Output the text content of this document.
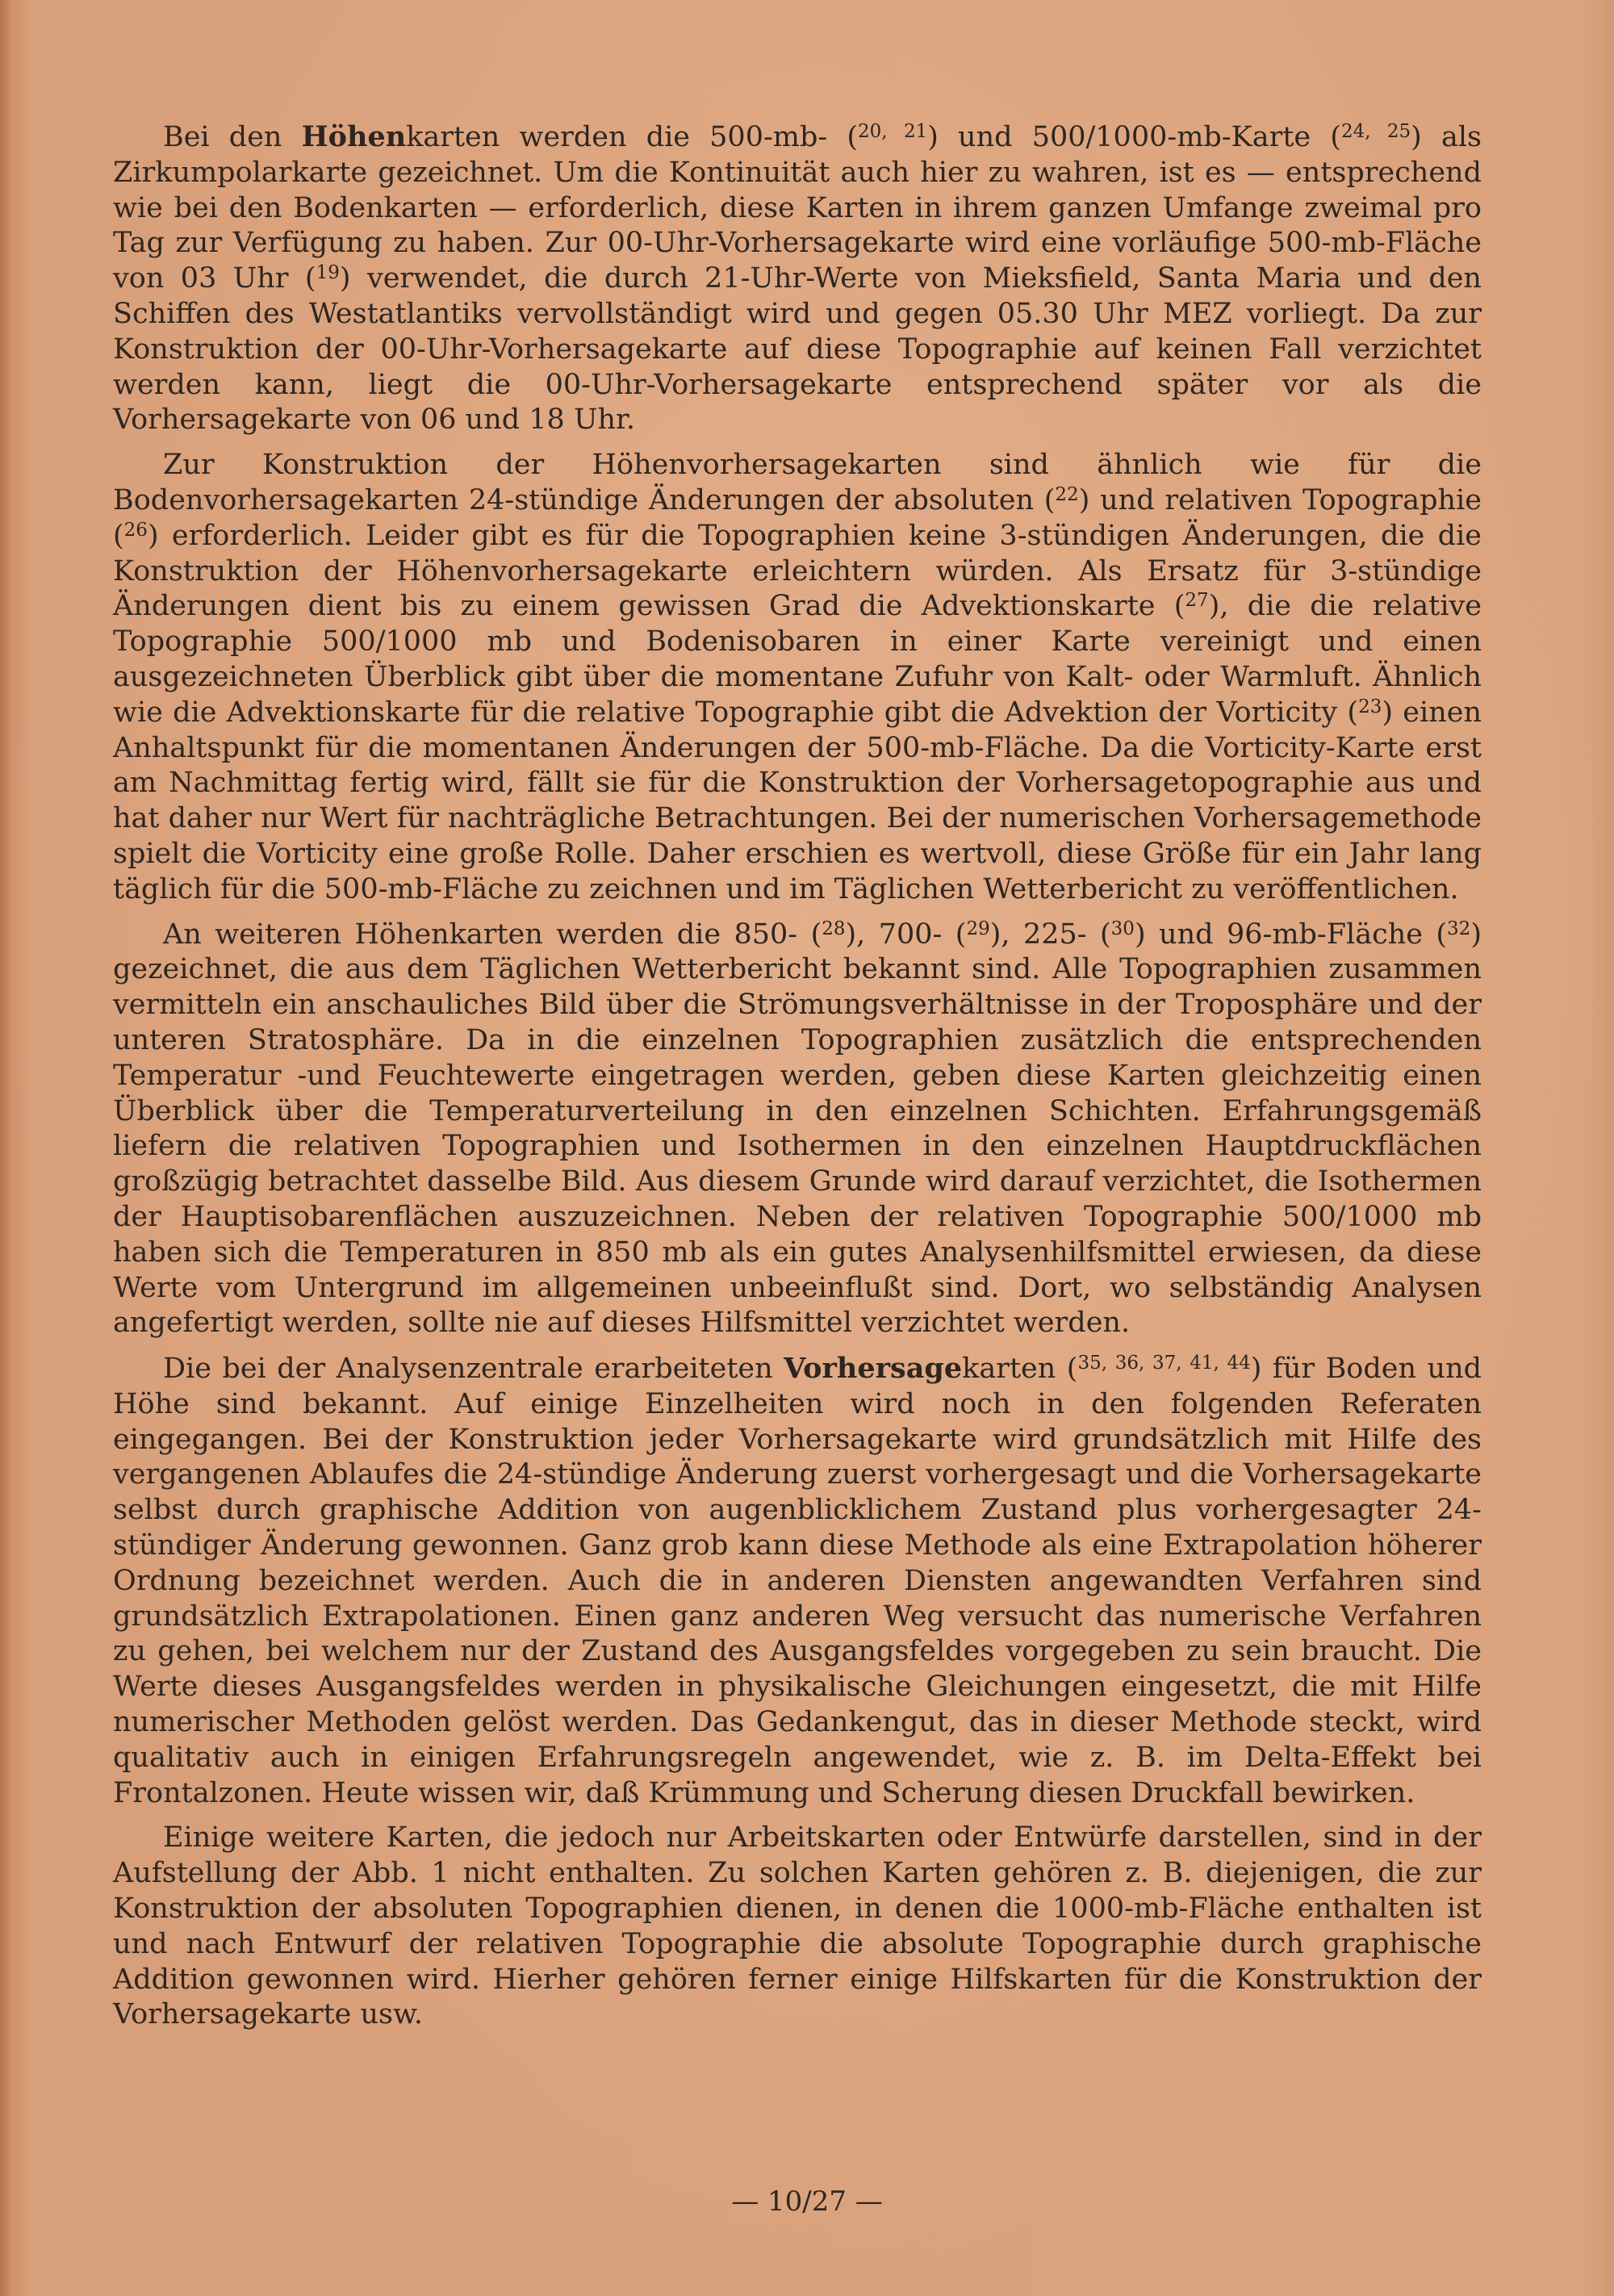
Bei den Höhenkarten werden die 500-mb- ($^{20, 21}$) und 500/1000-mb-Karte ($^{24, 25}$) als Zirkumpolarkarte gezeichnet. Um die Kontinuität auch hier zu wahren, ist es — entsprechend wie bei den Bodenkarten — erforderlich, diese Karten in ihrem ganzen Umfange zweimal pro Tag zur Verfügung zu haben. Zur 00-Uhr-Vorhersagekarte wird eine vorläufige 500-mb-Fläche von 03 Uhr ($^{19}$) verwendet, die durch 21-Uhr-Werte von Mieksfield, Santa Maria und den Schiffen des Westatlantiks vervollständigt wird und gegen 05.30 Uhr MEZ vorliegt. Da zur Konstruktion der 00-Uhr-Vorhersagekarte auf diese Topographie auf keinen Fall verzichtet werden kann, liegt die 00-Uhr-Vorhersagekarte entsprechend später vor als die Vorhersagekarte von 06 und 18 Uhr.

Zur Konstruktion der Höhenvorhersagekarten sind ähnlich wie für die Bodenvorhersagekarten 24-stündige Änderungen der absoluten ($^{22}$) und relativen Topographie ($^{26}$) erforderlich. Leider gibt es für die Topographien keine 3-stündigen Änderungen, die die Konstruktion der Höhenvorhersagekarte erleichtern würden. Als Ersatz für 3-stündige Änderungen dient bis zu einem gewissen Grad die Advektionskarte ($^{27}$), die die relative Topographie 500/1000 mb und Bodenisobaren in einer Karte vereinigt und einen ausgezeichneten Überblick gibt über die momentane Zufuhr von Kalt- oder Warmluft. Ähnlich wie die Advektionskarte für die relative Topographie gibt die Advektion der Vorticity ($^{23}$) einen Anhaltspunkt für die momentanen Änderungen der 500-mb-Fläche. Da die Vorticity-Karte erst am Nachmittag fertig wird, fällt sie für die Konstruktion der Vorhersagetopographie aus und hat daher nur Wert für nachträgliche Betrachtungen. Bei der numerischen Vorhersagemethode spielt die Vorticity eine große Rolle. Daher erschien es wertvoll, diese Größe für ein Jahr lang täglich für die 500-mb-Fläche zu zeichnen und im Täglichen Wetterbericht zu veröffentlichen.

An weiteren Höhenkarten werden die 850- ($^{28}$), 700- ($^{29}$), 225- ($^{30}$) und 96-mb-Fläche ($^{32}$) gezeichnet, die aus dem Täglichen Wetterbericht bekannt sind. Alle Topographien zusammen vermitteln ein anschauliches Bild über die Strömungsverhältnisse in der Troposphäre und der unteren Stratosphäre. Da in die einzelnen Topographien zusätzlich die entsprechenden Temperatur -und Feuchtewerte eingetragen werden, geben diese Karten gleichzeitig einen Überblick über die Temperaturverteilung in den einzelnen Schichten. Erfahrungsgemäß liefern die relativen Topographien und Isothermen in den einzelnen Hauptdruckflächen großzügig betrachtet dasselbe Bild. Aus diesem Grunde wird darauf verzichtet, die Isothermen der Hauptisobarenflächen auszuzeichnen. Neben der relativen Topographie 500/1000 mb haben sich die Temperaturen in 850 mb als ein gutes Analysenhilfsmittel erwiesen, da diese Werte vom Untergrund im allgemeinen unbeeinflußt sind. Dort, wo selbständig Analysen angefertigt werden, sollte nie auf dieses Hilfsmittel verzichtet werden.

Die bei der Analysenzentrale erarbeiteten Vorhersagekarten ($^{35, 36, 37, 41, 44}$) für Boden und Höhe sind bekannt. Auf einige Einzelheiten wird noch in den folgenden Referaten eingegangen. Bei der Konstruktion jeder Vorhersagekarte wird grundsätzlich mit Hilfe des vergangenen Ablaufes die 24-stündige Änderung zuerst vorhergesagt und die Vorhersagekarte selbst durch graphische Addition von augenblicklichem Zustand plus vorhergesagter 24-stündiger Änderung gewonnen. Ganz grob kann diese Methode als eine Extrapolation höherer Ordnung bezeichnet werden. Auch die in anderen Diensten angewandten Verfahren sind grundsätzlich Extrapolationen. Einen ganz anderen Weg versucht das numerische Verfahren zu gehen, bei welchem nur der Zustand des Ausgangsfeldes vorgegeben zu sein braucht. Die Werte dieses Ausgangsfeldes werden in physikalische Gleichungen eingesetzt, die mit Hilfe numerischer Methoden gelöst werden. Das Gedankengut, das in dieser Methode steckt, wird qualitativ auch in einigen Erfahrungsregeln angewendet, wie z. B. im Delta-Effekt bei Frontalzonen. Heute wissen wir, daß Krümmung und Scherung diesen Druckfall bewirken.

Einige weitere Karten, die jedoch nur Arbeitskarten oder Entwürfe darstellen, sind in der Aufstellung der Abb. 1 nicht enthalten. Zu solchen Karten gehören z. B. diejenigen, die zur Konstruktion der absoluten Topographien dienen, in denen die 1000-mb-Fläche enthalten ist und nach Entwurf der relativen Topographie die absolute Topographie durch graphische Addition gewonnen wird. Hierher gehören ferner einige Hilfskarten für die Konstruktion der Vorhersagekarte usw.

— 10/27 —
